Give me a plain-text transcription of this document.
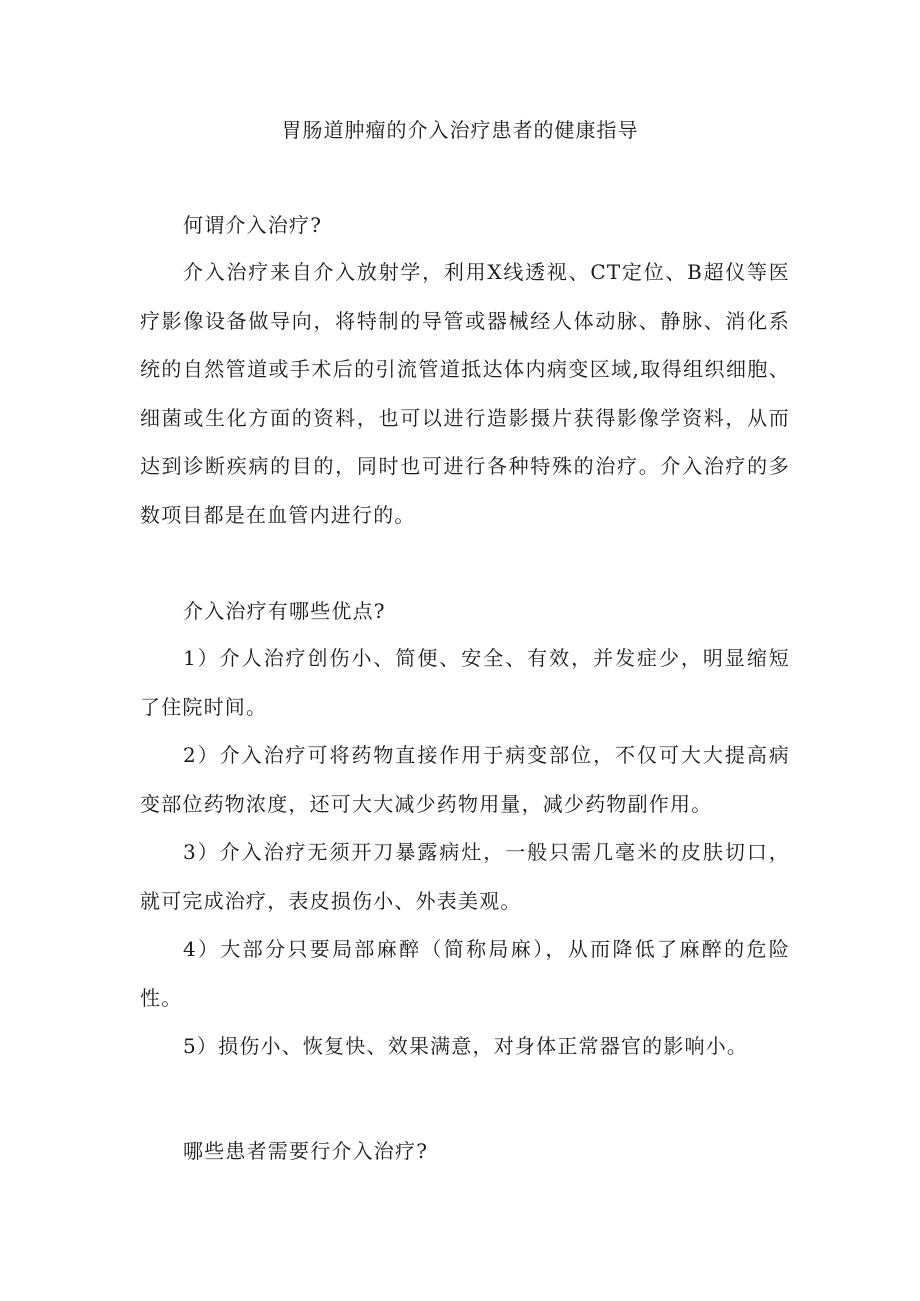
胃肠道肿瘤的介入治疗患者的健康指导

何谓介入治疗?

介入治疗来自介入放射学，利用X线透视、CT定位、B超仪等医疗影像设备做导向，将特制的导管或器械经人体动脉、静脉、消化系统的自然管道或手术后的引流管道抵达体内病变区域,取得组织细胞、细菌或生化方面的资料，也可以进行造影摄片获得影像学资料，从而达到诊断疾病的目的，同时也可进行各种特殊的治疗。介入治疗的多数项目都是在血管内进行的。

介入治疗有哪些优点?

1）介人治疗创伤小、简便、安全、有效，并发症少，明显缩短了住院时间。

2）介入治疗可将药物直接作用于病变部位，不仅可大大提高病变部位药物浓度，还可大大减少药物用量，减少药物副作用。

3）介入治疗无须开刀暴露病灶，一般只需几毫米的皮肤切口，就可完成治疗，表皮损伤小、外表美观。

4）大部分只要局部麻醉（简称局麻），从而降低了麻醉的危险性。

5）损伤小、恢复快、效果满意，对身体正常器官的影响小。

哪些患者需要行介入治疗?
